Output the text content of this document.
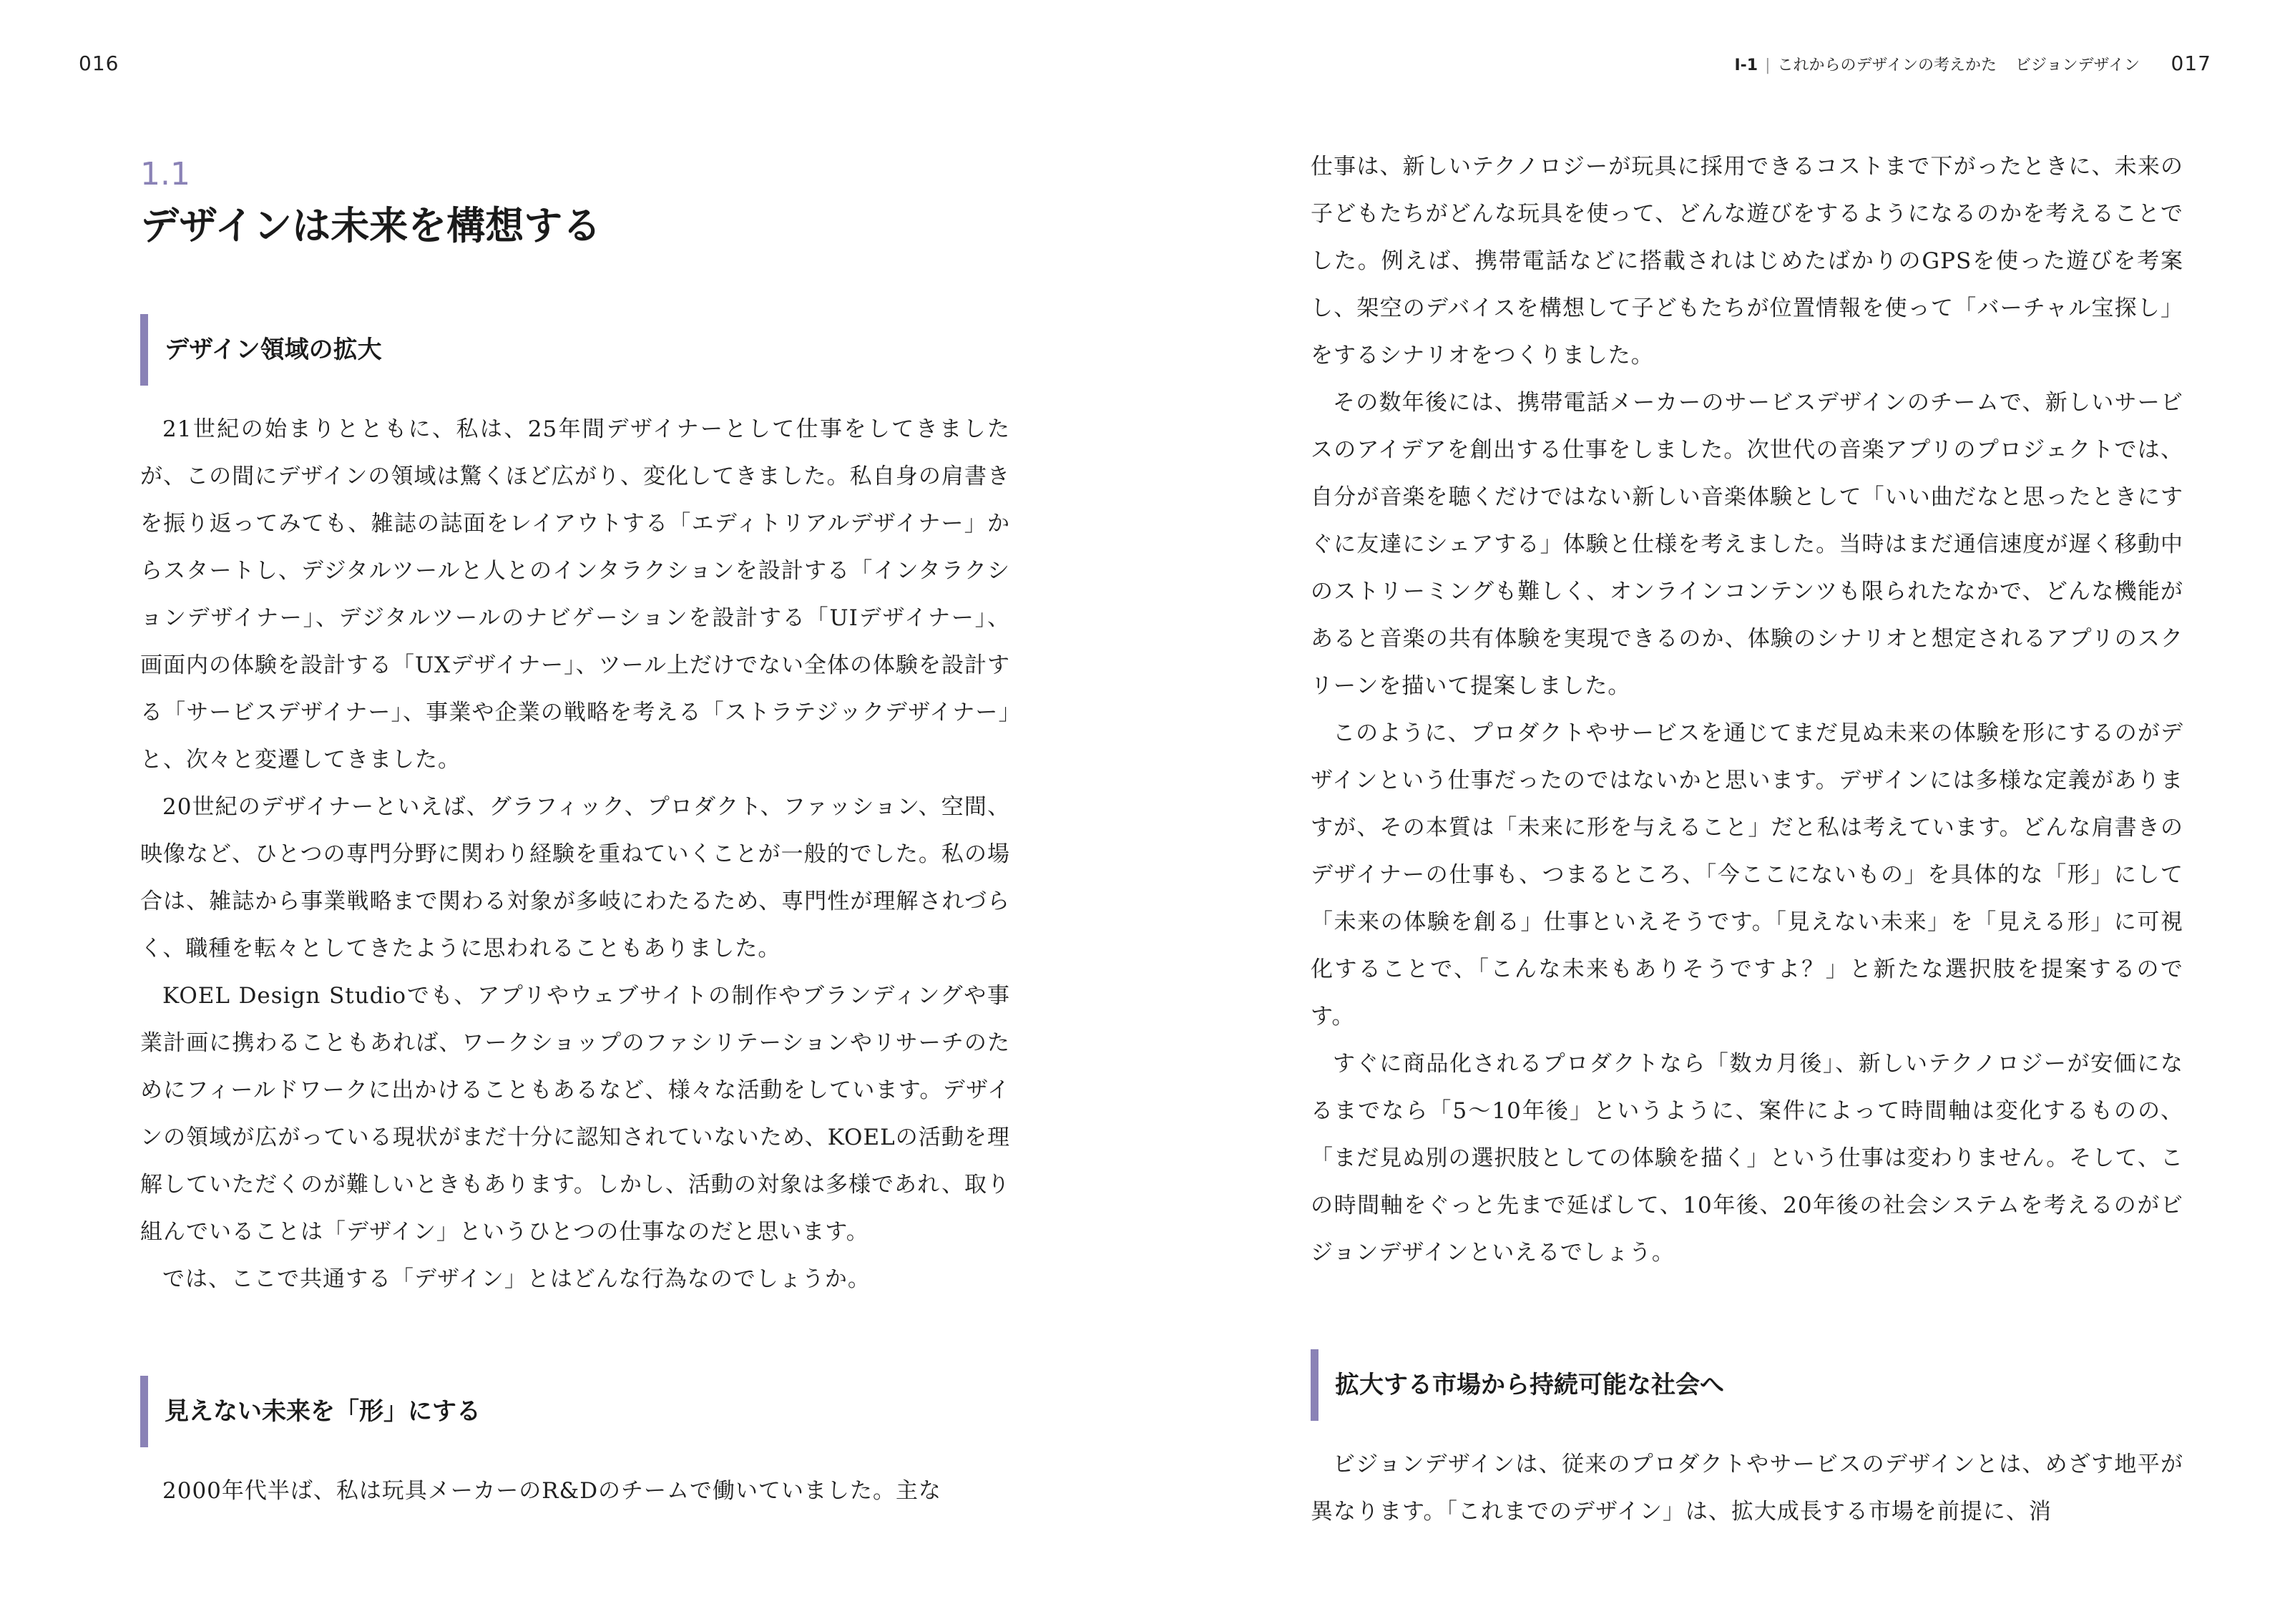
016
1.1
デザインは未来を構想する
デザイン領域の拡大

21世紀の始まりとともに、私は、25年間デザイナーとして仕事をしてきましたが、この間にデザインの領域は驚くほど広がり、変化してきました。私自身の肩書きを振り返ってみても、雑誌の誌面をレイアウトする「エディトリアルデザイナー」からスタートし、デジタルツールと人とのインタラクションを設計する「インタラクションデザイナー」、デジタルツールのナビゲーションを設計する「UIデザイナー」、画面内の体験を設計する「UXデザイナー」、ツール上だけでない全体の体験を設計する「サービスデザイナー」、事業や企業の戦略を考える「ストラテジックデザイナー」と、次々と変遷してきました。

20世紀のデザイナーといえば、グラフィック、プロダクト、ファッション、空間、映像など、ひとつの専門分野に関わり経験を重ねていくことが一般的でした。私の場合は、雑誌から事業戦略まで関わる対象が多岐にわたるため、専門性が理解されづらく、職種を転々としてきたように思われることもありました。

KOEL Design Studioでも、アプリやウェブサイトの制作やブランディングや事業計画に携わることもあれば、ワークショップのファシリテーションやリサーチのためにフィールドワークに出かけることもあるなど、様々な活動をしています。デザインの領域が広がっている現状がまだ十分に認知されていないため、KOELの活動を理解していただくのが難しいときもあります。しかし、活動の対象は多様であれ、取り組んでいることは「デザイン」というひとつの仕事なのだと思います。

では、ここで共通する「デザイン」とはどんな行為なのでしょうか。

見えない未来を「形」にする

2000年代半ば、私は玩具メーカーのR&Dのチームで働いていました。主な

I-1 | これからのデザインの考えかた ビジョンデザイン 017

仕事は、新しいテクノロジーが玩具に採用できるコストまで下がったときに、未来の子どもたちがどんな玩具を使って、どんな遊びをするようになるのかを考えることでした。例えば、携帯電話などに搭載されはじめたばかりのGPSを使った遊びを考案し、架空のデバイスを構想して子どもたちが位置情報を使って「バーチャル宝探し」をするシナリオをつくりました。

その数年後には、携帯電話メーカーのサービスデザインのチームで、新しいサービスのアイデアを創出する仕事をしました。次世代の音楽アプリのプロジェクトでは、自分が音楽を聴くだけではない新しい音楽体験として「いい曲だなと思ったときにすぐに友達にシェアする」体験と仕様を考えました。当時はまだ通信速度が遅く移動中のストリーミングも難しく、オンラインコンテンツも限られたなかで、どんな機能があると音楽の共有体験を実現できるのか、体験のシナリオと想定されるアプリのスクリーンを描いて提案しました。

このように、プロダクトやサービスを通じてまだ見ぬ未来の体験を形にするのがデザインという仕事だったのではないかと思います。デザインには多様な定義がありますが、その本質は「未来に形を与えること」だと私は考えています。どんな肩書きのデザイナーの仕事も、つまるところ、「今ここにないもの」を具体的な「形」にして「未来の体験を創る」仕事といえそうです。「見えない未来」を「見える形」に可視化することで、「こんな未来もありそうですよ？」と新たな選択肢を提案するのです。

すぐに商品化されるプロダクトなら「数カ月後」、新しいテクノロジーが安価になるまでなら「5～10年後」というように、案件によって時間軸は変化するものの、「まだ見ぬ別の選択肢としての体験を描く」という仕事は変わりません。そして、この時間軸をぐっと先まで延ばして、10年後、20年後の社会システムを考えるのがビジョンデザインといえるでしょう。

拡大する市場から持続可能な社会へ

ビジョンデザインは、従来のプロダクトやサービスのデザインとは、めざす地平が異なります。「これまでのデザイン」は、拡大成長する市場を前提に、消
